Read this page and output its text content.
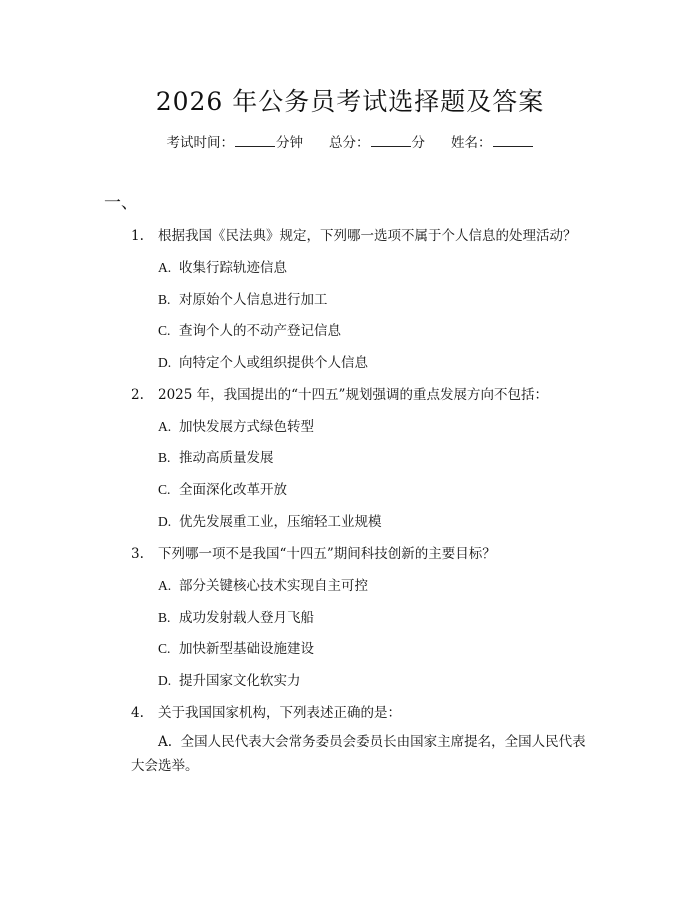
2026 年公务员考试选择题及答案
考试时间：	分钟 总分：	分 姓名：
一、
1. 根据我国《民法典》规定，下列哪一选项不属于个人信息的处理活动？
A. 收集行踪轨迹信息
B. 对原始个人信息进行加工
C. 查询个人的不动产登记信息
D. 向特定个人或组织提供个人信息
2. 2025 年，我国提出的“十四五”规划强调的重点发展方向不包括：
A. 加快发展方式绿色转型
B. 推动高质量发展
C. 全面深化改革开放
D. 优先发展重工业，压缩轻工业规模
3. 下列哪一项不是我国“十四五”期间科技创新的主要目标？
A. 部分关键核心技术实现自主可控
B. 成功发射载人登月飞船
C. 加快新型基础设施建设
D. 提升国家文化软实力
4. 关于我国国家机构，下列表述正确的是：
A. 全国人民代表大会常务委员会委员长由国家主席提名，全国人民代表大会选举。
